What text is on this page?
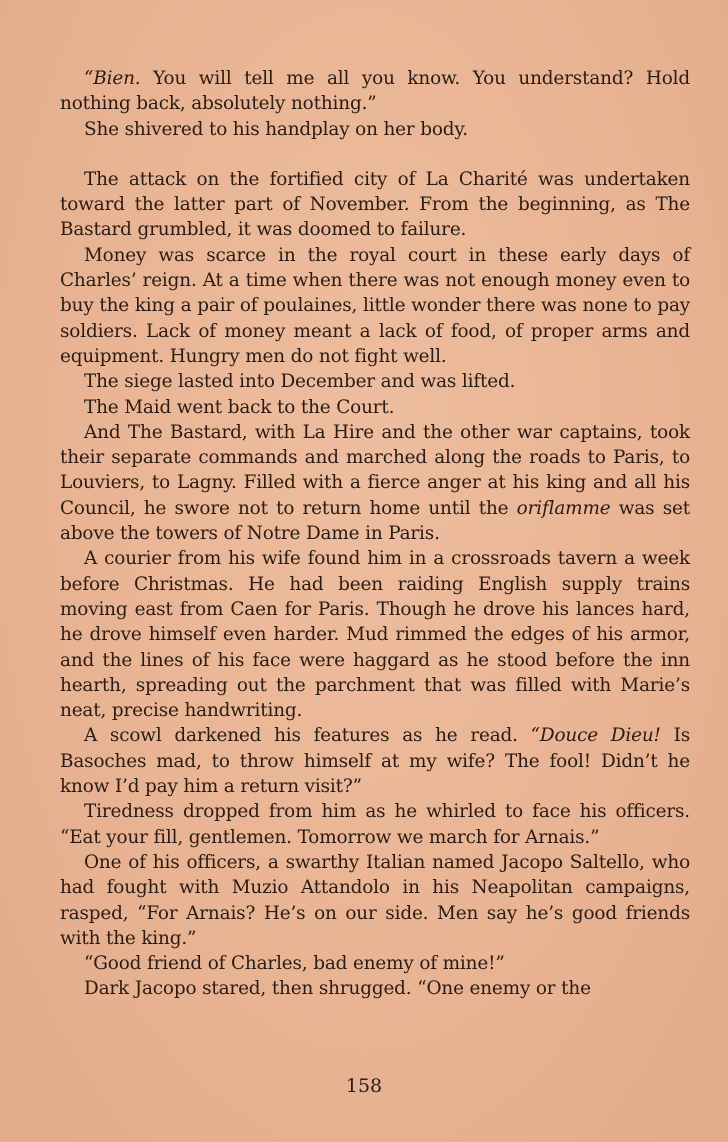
“Bien. You will tell me all you know. You understand? Hold nothing back, absolutely nothing.”

She shivered to his handplay on her body.

The attack on the fortified city of La Charité was undertaken toward the latter part of November. From the beginning, as The Bastard grumbled, it was doomed to failure.

Money was scarce in the royal court in these early days of Charles’ reign. At a time when there was not enough money even to buy the king a pair of poulaines, little wonder there was none to pay soldiers. Lack of money meant a lack of food, of proper arms and equipment. Hungry men do not fight well.

The siege lasted into December and was lifted.

The Maid went back to the Court.

And The Bastard, with La Hire and the other war captains, took their separate commands and marched along the roads to Paris, to Louviers, to Lagny. Filled with a fierce anger at his king and all his Council, he swore not to return home until the oriflamme was set above the towers of Notre Dame in Paris.

A courier from his wife found him in a crossroads tavern a week before Christmas. He had been raiding English supply trains moving east from Caen for Paris. Though he drove his lances hard, he drove himself even harder. Mud rimmed the edges of his armor, and the lines of his face were haggard as he stood before the inn hearth, spreading out the parchment that was filled with Marie’s neat, precise handwriting.

A scowl darkened his features as he read. “Douce Dieu! Is Basoches mad, to throw himself at my wife? The fool! Didn’t he know I’d pay him a return visit?”

Tiredness dropped from him as he whirled to face his officers. “Eat your fill, gentlemen. Tomorrow we march for Arnais.”

One of his officers, a swarthy Italian named Jacopo Saltello, who had fought with Muzio Attandolo in his Neapolitan campaigns, rasped, “For Arnais? He’s on our side. Men say he’s good friends with the king.”

“Good friend of Charles, bad enemy of mine!”

Dark Jacopo stared, then shrugged. “One enemy or the

158
